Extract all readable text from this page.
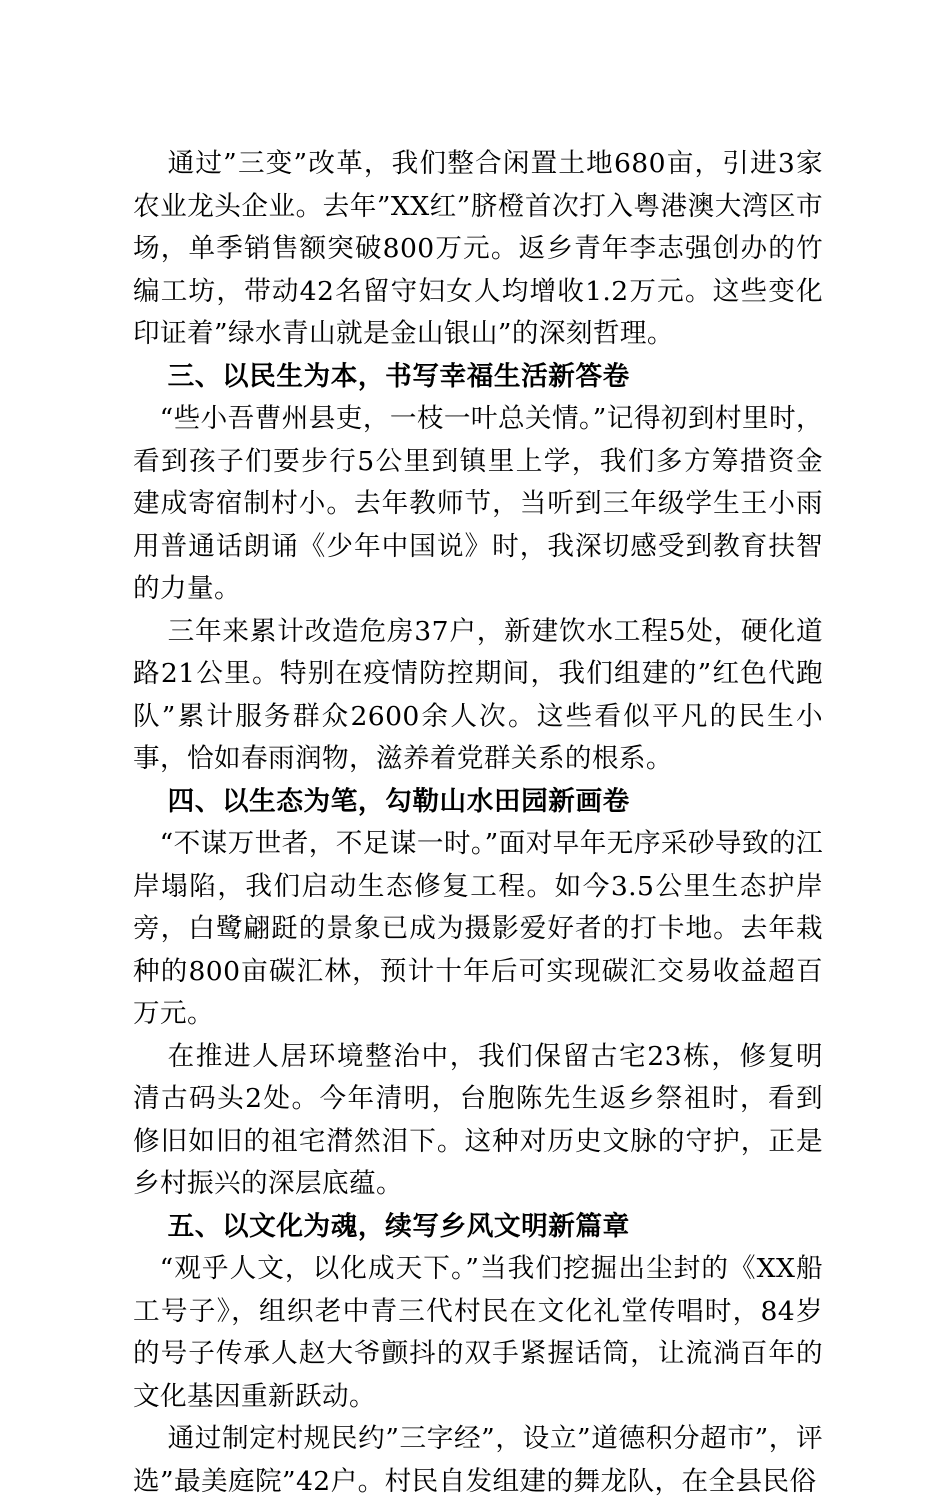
通过”三变”改革，我们整合闲置土地680亩，引进3家农业龙头企业。去年”XX红”脐橙首次打入粤港澳大湾区市场，单季销售额突破800万元。返乡青年李志强创办的竹编工坊，带动42名留守妇女人均增收1.2万元。这些变化印证着”绿水青山就是金山银山”的深刻哲理。

三、以民生为本，书写幸福生活新答卷

“些小吾曹州县吏，一枝一叶总关情。”记得初到村里时，看到孩子们要步行5公里到镇里上学，我们多方筹措资金建成寄宿制村小。去年教师节，当听到三年级学生王小雨用普通话朗诵《少年中国说》时，我深切感受到教育扶智的力量。

三年来累计改造危房37户，新建饮水工程5处，硬化道路21公里。特别在疫情防控期间，我们组建的”红色代跑队”累计服务群众2600余人次。这些看似平凡的民生小事，恰如春雨润物，滋养着党群关系的根系。

四、以生态为笔，勾勒山水田园新画卷

“不谋万世者，不足谋一时。”面对早年无序采砂导致的江岸塌陷，我们启动生态修复工程。如今3.5公里生态护岸旁，白鹭翩跹的景象已成为摄影爱好者的打卡地。去年栽种的800亩碳汇林，预计十年后可实现碳汇交易收益超百万元。

在推进人居环境整治中，我们保留古宅23栋，修复明清古码头2处。今年清明，台胞陈先生返乡祭祖时，看到修旧如旧的祖宅潸然泪下。这种对历史文脉的守护，正是乡村振兴的深层底蕴。

五、以文化为魂，续写乡风文明新篇章

“观乎人文，以化成天下。”当我们挖掘出尘封的《XX船工号子》，组织老中青三代村民在文化礼堂传唱时，84岁的号子传承人赵大爷颤抖的双手紧握话筒，让流淌百年的文化基因重新跃动。

通过制定村规民约”三字经”，设立”道德积分超市”，评选”最美庭院”42户。村民自发组建的舞龙队，在全县民俗
